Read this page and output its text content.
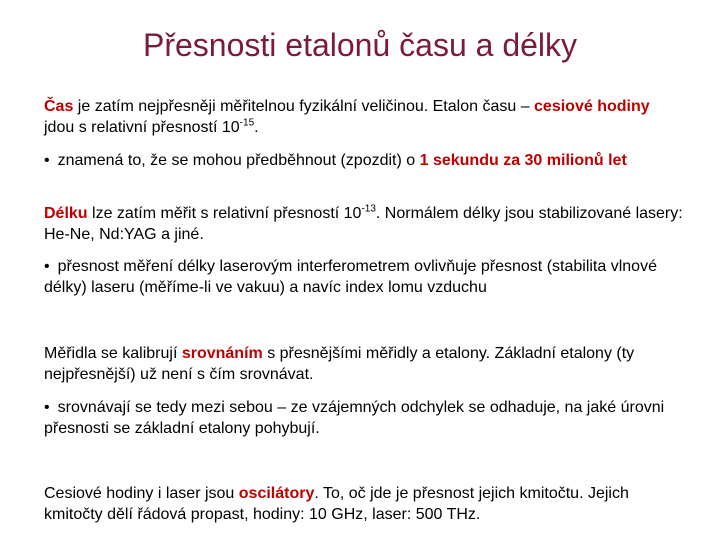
Přesnosti etalonů času a délky

Čas je zatím nejpřesněji měřitelnou fyzikální veličinou. Etalon času – cesiové hodiny jdou s relativní přesností $10^{-15}$.

• znamená to, že se mohou předběhnout (zpozdit) o 1 sekundu za 30 milionů let

Délku lze zatím měřit s relativní přesností $10^{-13}$. Normálem délky jsou stabilizované lasery: He-Ne, Nd:YAG a jiné.

• přesnost měření délky laserovým interferometrem ovlivňuje přesnost (stabilita vlnové délky) laseru (měříme-li ve vakuu) a navíc index lomu vzduchu

Měřidla se kalibrují srovnáním s přesnějšími měřidly a etalony. Základní etalony (ty nejpřesnější) už není s čím srovnávat.

• srovnávají se tedy mezi sebou – ze vzájemných odchylek se odhaduje, na jaké úrovni přesnosti se základní etalony pohybují.

Cesiové hodiny i laser jsou oscilátory. To, oč jde je přesnost jejich kmitočtu. Jejich kmitočty dělí řádová propast, hodiny: 10 GHz, laser: 500 THz.
